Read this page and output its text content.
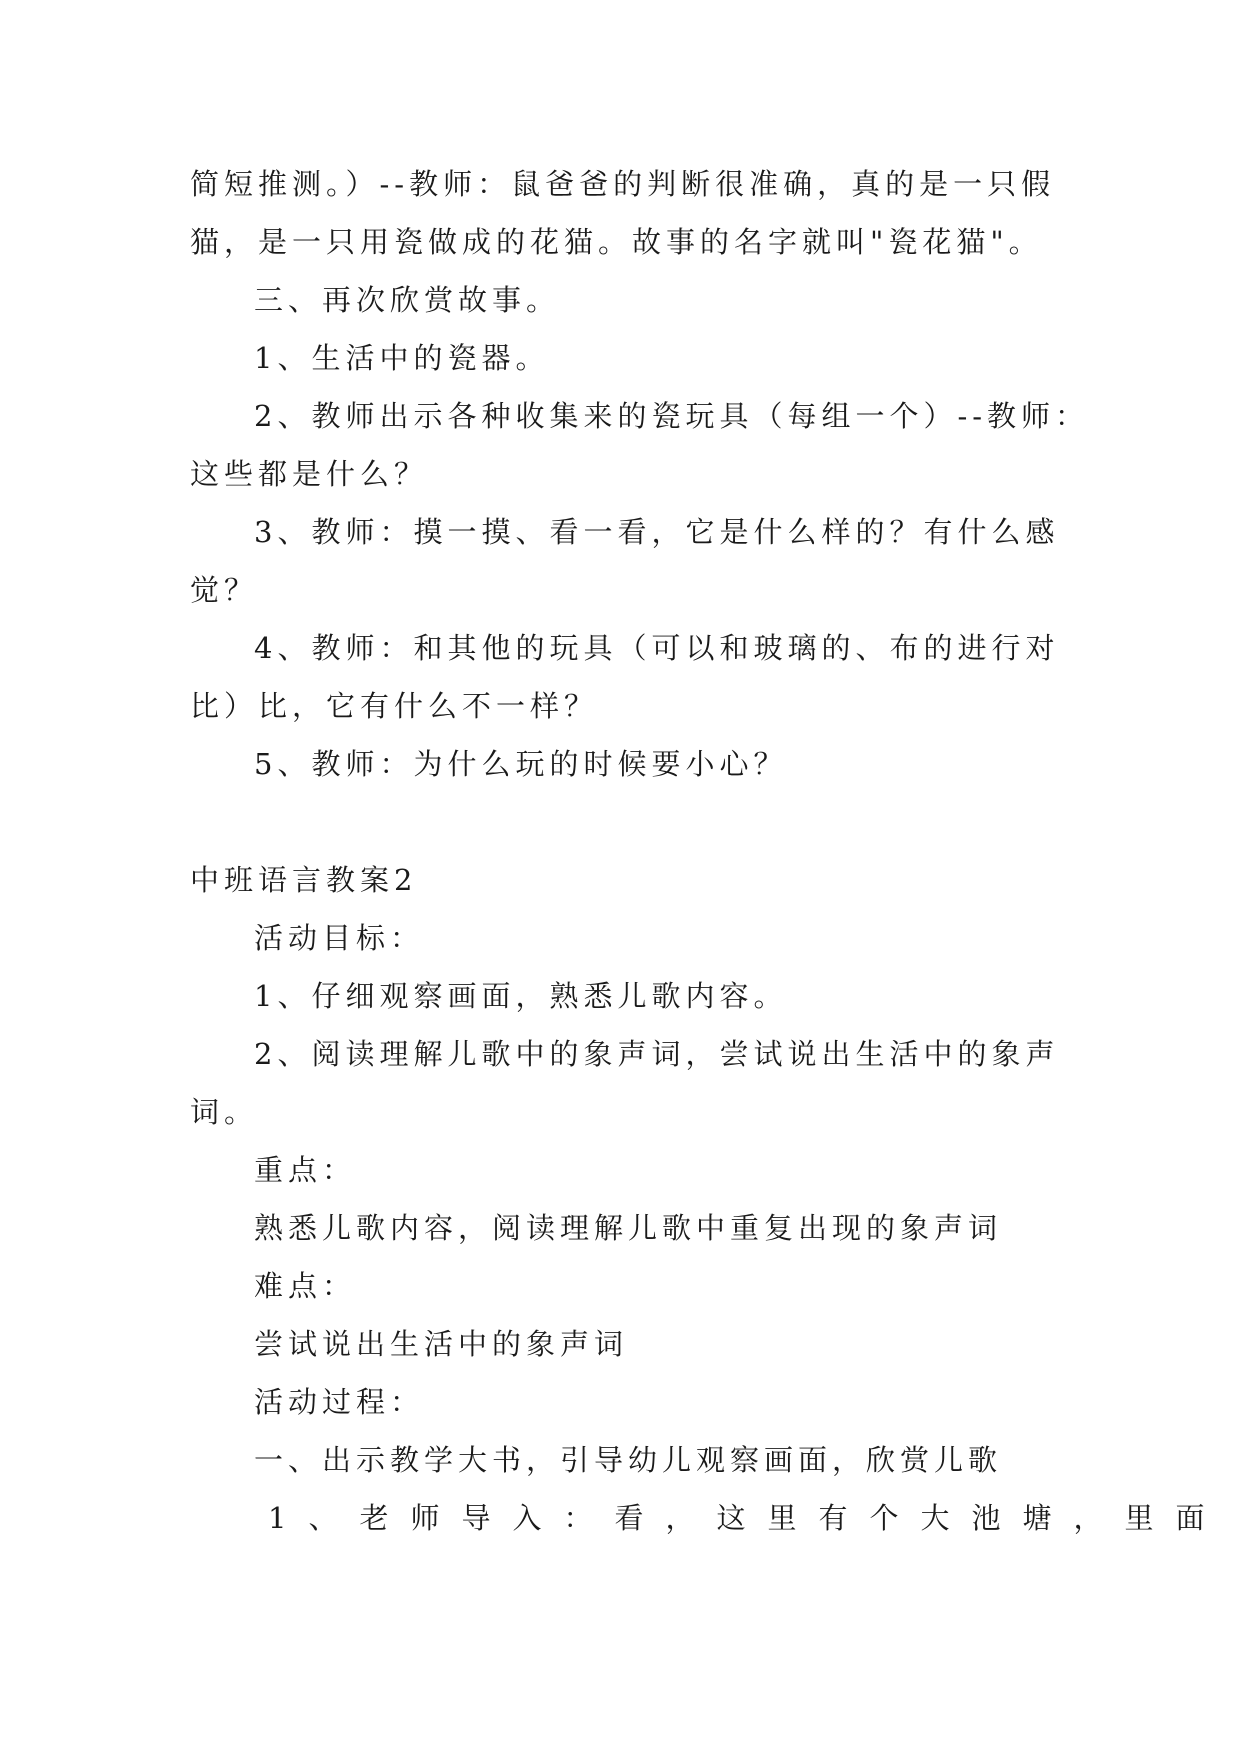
简短推测。）--教师：鼠爸爸的判断很准确，真的是一只假
猫，是一只用瓷做成的花猫。故事的名字就叫"瓷花猫"。
三、再次欣赏故事。
1、生活中的瓷器。
2、教师出示各种收集来的瓷玩具（每组一个）--教师：
这些都是什么？
3、教师：摸一摸、看一看，它是什么样的？有什么感
觉？
4、教师：和其他的玩具（可以和玻璃的、布的进行对
比）比，它有什么不一样？
5、教师：为什么玩的时候要小心？
中班语言教案2
活动目标：
1、仔细观察画面，熟悉儿歌内容。
2、阅读理解儿歌中的象声词，尝试说出生活中的象声
词。
重点：
熟悉儿歌内容，阅读理解儿歌中重复出现的象声词
难点：
尝试说出生活中的象声词
活动过程：
一、出示教学大书，引导幼儿观察画面，欣赏儿歌
1、老师导入：看，这里有个大池塘，里面
